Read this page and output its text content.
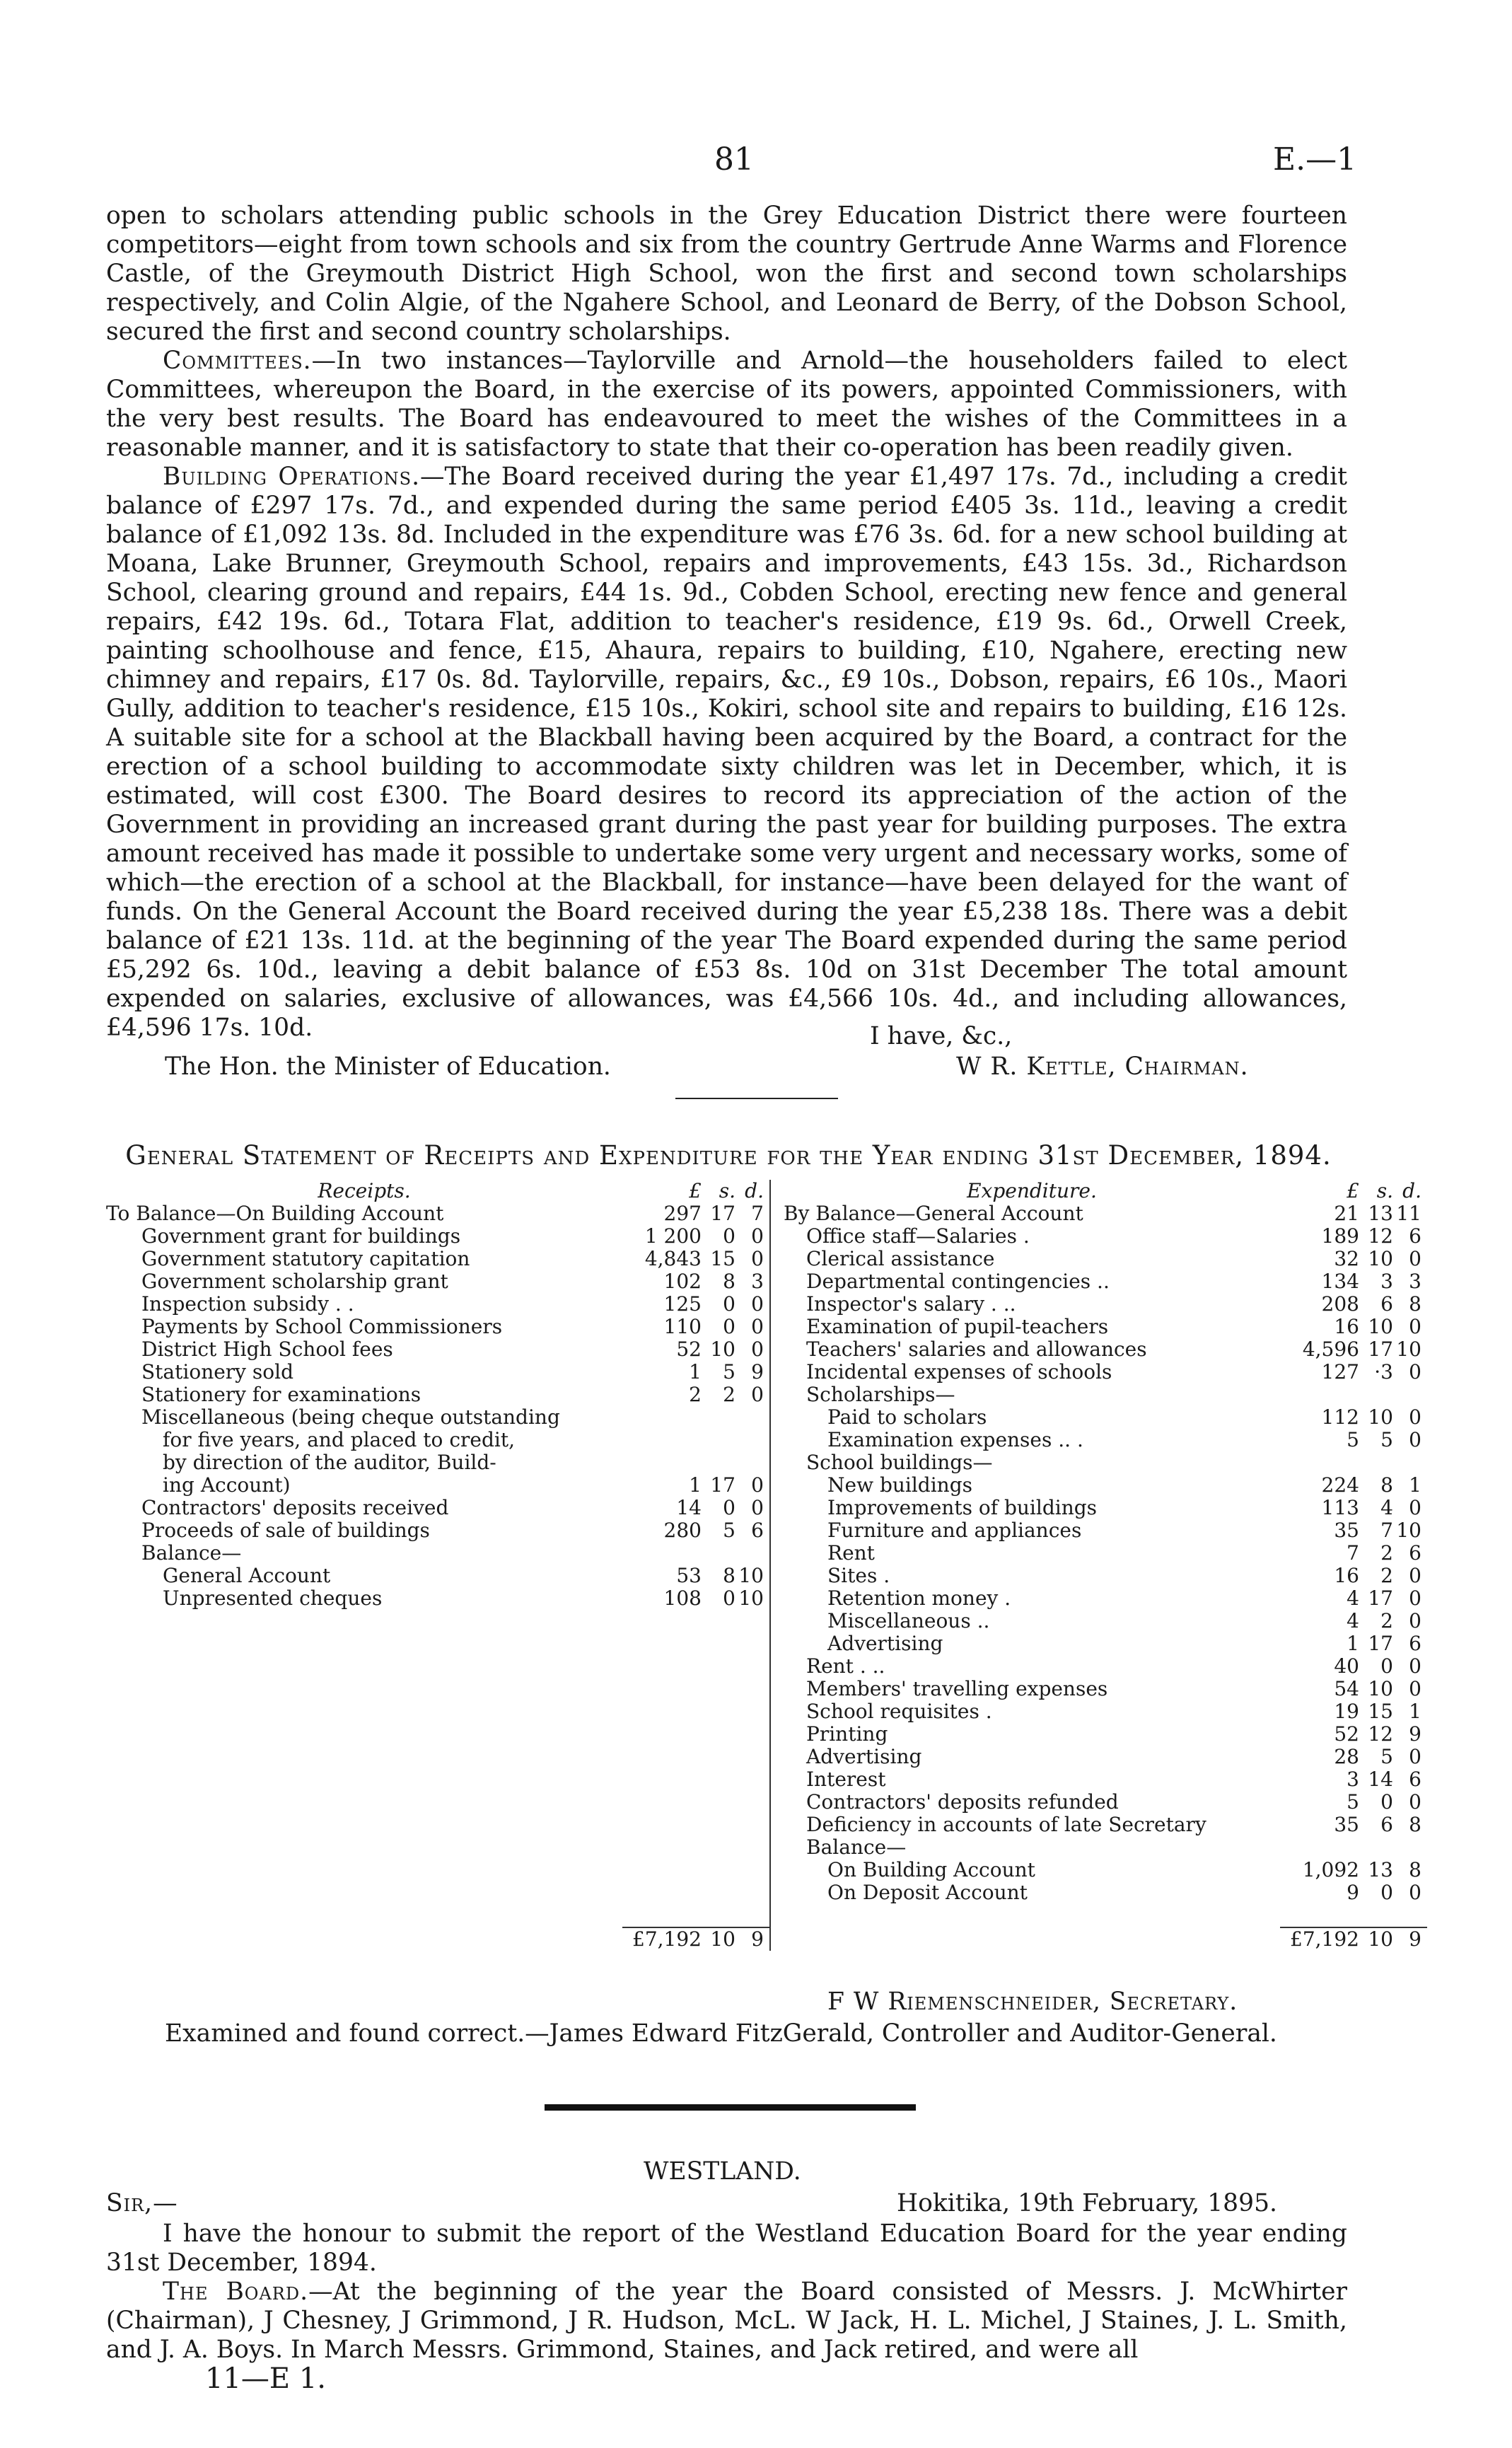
81	E.—1

open to scholars attending public schools in the Grey Education District there were fourteen competitors—eight from town schools and six from the country Gertrude Anne Warms and Florence Castle, of the Greymouth District High School, won the first and second town scholarships respectively, and Colin Algie, of the Ngahere School, and Leonard de Berry, of the Dobson School, secured the first and second country scholarships.

Committees.—In two instances—Taylorville and Arnold—the householders failed to elect Committees, whereupon the Board, in the exercise of its powers, appointed Commissioners, with the very best results. The Board has endeavoured to meet the wishes of the Committees in a reasonable manner, and it is satisfactory to state that their co-operation has been readily given.

Building Operations.—The Board received during the year £1,497 17s. 7d., including a credit balance of £297 17s. 7d., and expended during the same period £405 3s. 11d., leaving a credit balance of £1,092 13s. 8d. Included in the expenditure was £76 3s. 6d. for a new school building at Moana, Lake Brunner, Greymouth School, repairs and improvements, £43 15s. 3d., Richardson School, clearing ground and repairs, £44 1s. 9d., Cobden School, erecting new fence and general repairs, £42 19s. 6d., Totara Flat, addition to teacher's residence, £19 9s. 6d., Orwell Creek, painting schoolhouse and fence, £15, Ahaura, repairs to building, £10, Ngahere, erecting new chimney and repairs, £17 0s. 8d. Taylorville, repairs, &c., £9 10s., Dobson, repairs, £6 10s., Maori Gully, addition to teacher's residence, £15 10s., Kokiri, school site and repairs to building, £16 12s. A suitable site for a school at the Blackball having been acquired by the Board, a contract for the erection of a school building to accommodate sixty children was let in December, which, it is estimated, will cost £300. The Board desires to record its appreciation of the action of the Government in providing an increased grant during the past year for building purposes. The extra amount received has made it possible to undertake some very urgent and necessary works, some of which—the erection of a school at the Blackball, for instance—have been delayed for the want of funds. On the General Account the Board received during the year £5,238 18s. There was a debit balance of £21 13s. 11d. at the beginning of the year The Board expended during the same period £5,292 6s. 10d., leaving a debit balance of £53 8s. 10d on 31st December The total amount expended on salaries, exclusive of allowances, was £4,566 10s. 4d., and including allowances, £4,596 17s. 10d.	I have, &c.,
The Hon. the Minister of Education.	W R. Kettle, Chairman.
General Statement of Receipts and Expenditure for the Year ending 31st December, 1894.
Receipts.	£	s.	d.	Expenditure.	£	s.	d.
To Balance—On Building Account	297	17	7	By Balance—General Account	21	13	11
Government grant for buildings	1 200	0	0	Office staff—Salaries .	189	12	6
Government statutory capitation	4,843	15	0	Clerical assistance	32	10	0
Government scholarship grant	102	8	3	Departmental contingencies ..	134	3	3
Inspection subsidy . .	125	0	0	Inspector's salary . ..	208	6	8
Payments by School Commissioners	110	0	0	Examination of pupil-teachers	16	10	0
District High School fees	52	10	0	Teachers' salaries and allowances	4,596	17	10
Stationery sold	1	5	9	Incidental expenses of schools	127	·3	0
Stationery for examinations	2	2	0	Scholarships—			
Miscellaneous (being cheque outstanding				Paid to scholars	112	10	0
for five years, and placed to credit,				Examination expenses .. .	5	5	0
by direction of the auditor, Build-				School buildings—			
ing Account)	1	17	0	New buildings	224	8	1
Contractors' deposits received	14	0	0	Improvements of buildings	113	4	0
Proceeds of sale of buildings	280	5	6	Furniture and appliances	35	7	10
Balance—				Rent	7	2	6
General Account	53	8	10	Sites .	16	2	0
Unpresented cheques	108	0	10	Retention money .	4	17	0
				Miscellaneous ..	4	2	0
				Advertising	1	17	6
				Rent . ..	40	0	0
				Members' travelling expenses	54	10	0
				School requisites .	19	15	1
				Printing	52	12	9
				Advertising	28	5	0
				Interest	3	14	6
				Contractors' deposits refunded	5	0	0
				Deficiency in accounts of late Secretary	35	6	8
				Balance—			
				On Building Account	1,092	13	8
				On Deposit Account	9	0	0

	£7,192	10	9		£7,192	10	9
F W Riemenschneider, Secretary.
Examined and found correct.—James Edward FitzGerald, Controller and Auditor-General.
WESTLAND.
Sir,—	Hokitika, 19th February, 1895.

I have the honour to submit the report of the Westland Education Board for the year ending 31st December, 1894.

The Board.—At the beginning of the year the Board consisted of Messrs. J. McWhirter (Chairman), J Chesney, J Grimmond, J R. Hudson, McL. W Jack, H. L. Michel, J Staines, J. L. Smith, and J. A. Boys. In March Messrs. Grimmond, Staines, and Jack retired, and were all

11—E 1.
